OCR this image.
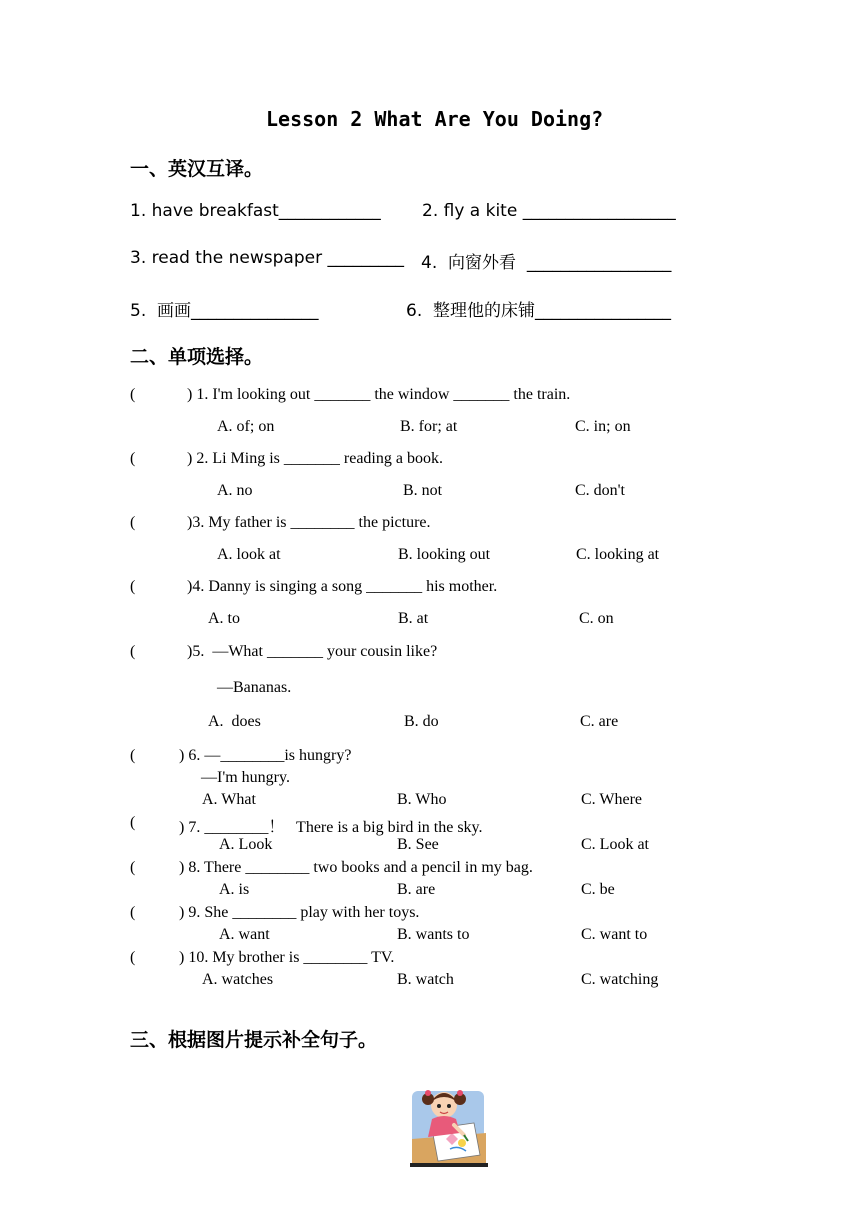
Lesson 2 What Are You Doing?
一、英汉互译。
1. have breakfast____________ 2. fly a kite __________________
3. read the newspaper _________ 4.  向窗外看  _________________
5.  画画_______________	6.  整理他的床铺________________
二、单项选择。
(	) 1. I'm looking out _______ the window _______ the train.
A. of; on	B. for; at	C. in; on
(	) 2. Li Ming is _______ reading a book.
A. no	B. not	C. don't
(	)3. My father is ________ the picture.
A. look at	B. looking out	C. looking at
(	)4. Danny is singing a song _______ his mother.
A. to	B. at	C. on
(	)5.  —What _______ your cousin like?
—Bananas.
A.  does	B. do	C. are
(	) 6. —________is hungry?
—I'm hungry.
A. What	B. Who	C. Where
(	) 7. ________！   There is a big bird in the sky.
A. Look	B. See	C. Look at
(	) 8. There ________ two books and a pencil in my bag.
A. is	B. are	C. be
(	) 9. She ________ play with her toys.
A. want	B. wants to	C. want to
(	) 10. My brother is ________ TV.
A. watches	B. watch	C. watching
三、根据图片提示补全句子。
